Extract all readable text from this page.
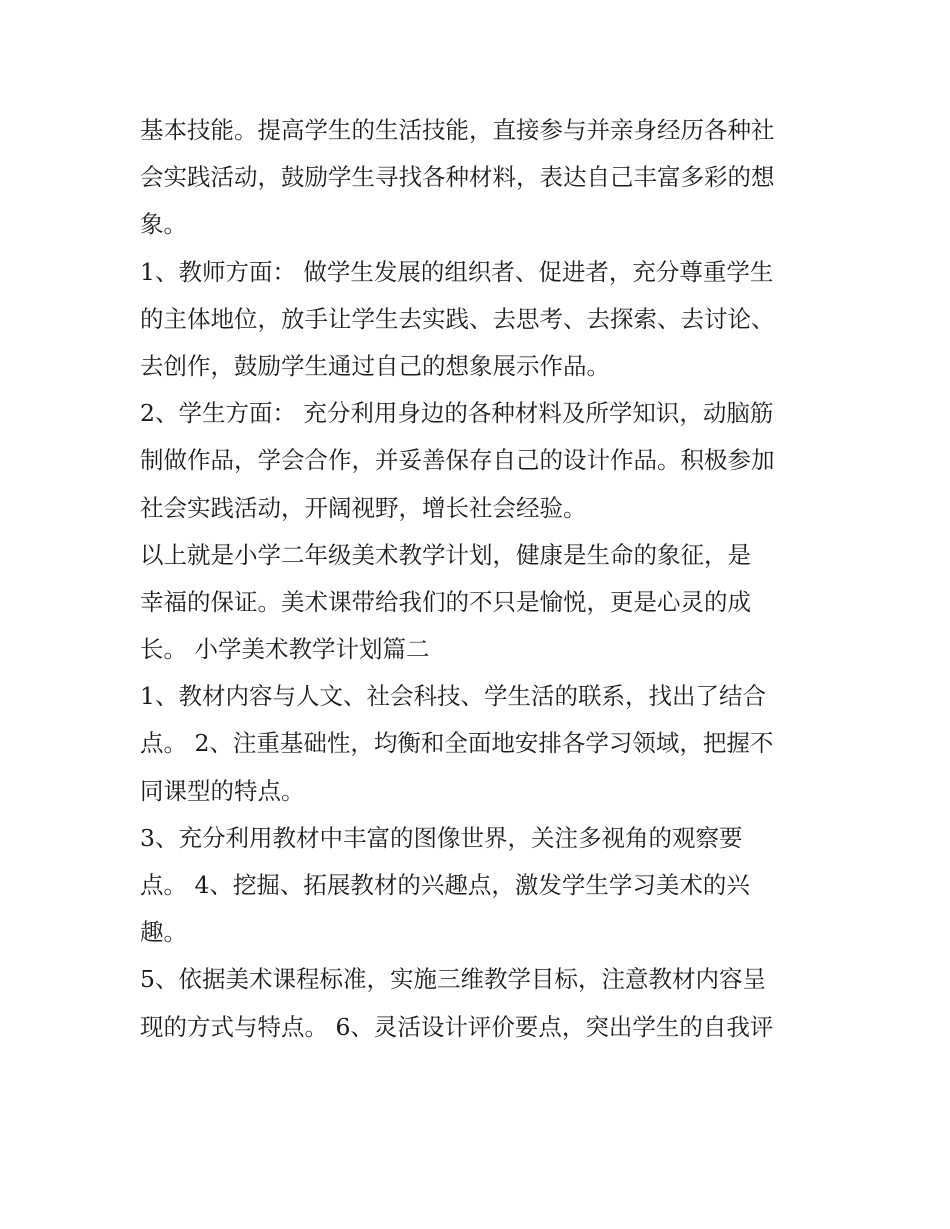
基本技能。提高学生的生活技能，直接参与并亲身经历各种社
会实践活动，鼓励学生寻找各种材料，表达自己丰富多彩的想
象。
1、教师方面： 做学生发展的组织者、促进者，充分尊重学生
的主体地位，放手让学生去实践、去思考、去探索、去讨论、
去创作，鼓励学生通过自己的想象展示作品。
2、学生方面： 充分利用身边的各种材料及所学知识，动脑筋
制做作品，学会合作，并妥善保存自己的设计作品。积极参加
社会实践活动，开阔视野，增长社会经验。
以上就是小学二年级美术教学计划，健康是生命的象征，是
幸福的保证。美术课带给我们的不只是愉悦，更是心灵的成
长。 小学美术教学计划篇二
1、教材内容与人文、社会科技、学生活的联系，找出了结合
点。 2、注重基础性，均衡和全面地安排各学习领域，把握不
同课型的特点。
3、充分利用教材中丰富的图像世界，关注多视角的观察要
点。 4、挖掘、拓展教材的兴趣点，激发学生学习美术的兴
趣。
5、依据美术课程标准，实施三维教学目标，注意教材内容呈
现的方式与特点。 6、灵活设计评价要点，突出学生的自我评
